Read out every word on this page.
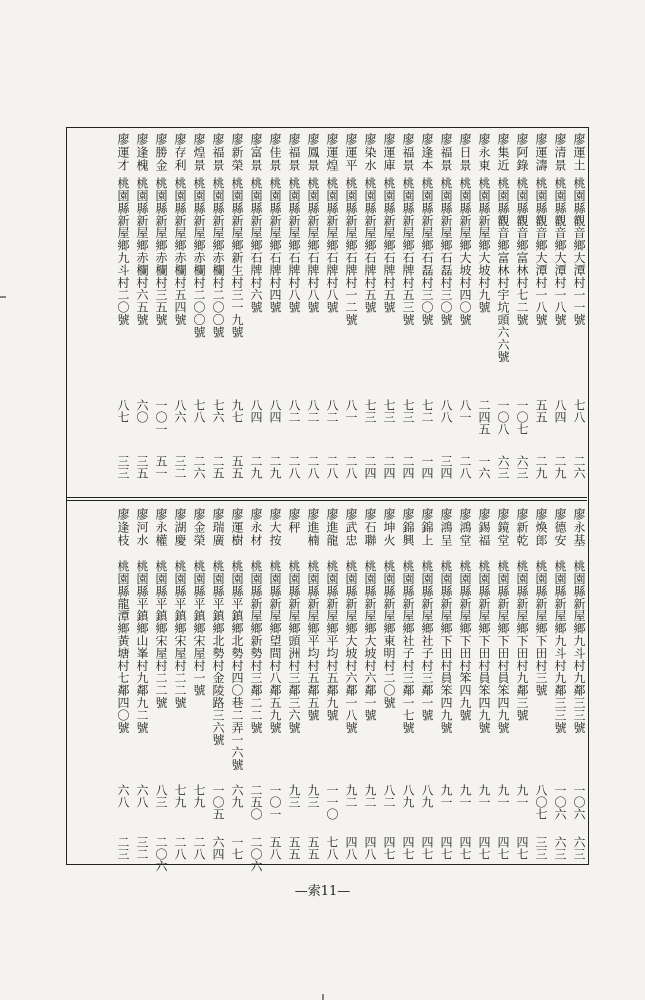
廖運土
桃園縣觀音鄉大潭村一一號
七八
二六
廖清景
桃園縣觀音鄉大潭村一八號
八四
二九
廖運濤
桃園縣觀音鄉大潭村一八號
五五
二九
廖阿錄
桃園縣觀音鄉富林村七二號
一〇七
六三
廖集近
桃園縣觀音鄉富林村宇坑頭六六號
一〇八
六三
廖永東
桃園縣新屋鄉大坡村九號
二四五
一六
廖日景
桃園縣新屋鄉大坡村四〇號
八一
二八
廖福景
桃園縣新屋鄉石磊村三〇號
八八
三四
廖逢本
桃園縣新屋鄉石磊村三〇號
七二
一四
廖福景
桃園縣新屋鄉石牌村五三號
七三
二四
廖運庫
桃園縣新屋鄉石牌村五號
七三
二四
廖染水
桃園縣新屋鄉石牌村五號
七三
二四
廖運平
桃園縣新屋鄉石牌村一二號
八一
二八
廖運煌
桃園縣新屋鄉石牌村八號
八二
二八
廖鳳景
桃園縣新屋鄉石牌村八號
八二
二八
廖福景
桃園縣新屋鄉石牌村八號
八二
二八
廖佳景
桃園縣新屋鄉石牌村四號
八四
二九
廖富景
桃園縣新屋鄉石牌村六號
八四
二九
廖新榮
桃園縣新屋鄉新生村三一九號
九七
五五
廖福景
桃園縣新屋鄉赤欄村二〇〇號
七六
二五
廖煌景
桃園縣新屋鄉赤欄村二〇〇號
七八
二六
廖存利
桃園縣新屋鄉赤欄村五四號
八六
三二
廖勝金
桃園縣新屋鄉赤欄村三五號
一〇一
五一
廖逢槐
桃園縣新屋鄉赤欄村六五號
六〇
三五
廖運才
桃園縣新屋鄉九斗村二〇號
八七
三三
廖永基
桃園縣新屋鄉九斗村九鄰三三號
一〇六
六三
廖德安
桃園縣新屋鄉九斗村九鄰三三號
一〇六
六三
廖煥郎
桃園縣新屋鄉下田村三號
八〇七
三三
廖新乾
桃園縣新屋鄉下田村九鄰三號
九一
四七
廖鏡堂
桃園縣新屋鄉下田村員笨四九號
九一
四七
廖錫福
桃園縣新屋鄉下田村員笨四九號
九一
四七
廖鴻堂
桃園縣新屋鄉下田村笨四九號
九一
四七
廖鴻呈
桃園縣新屋鄉下田村員笨四九號
九一
四七
廖錦上
桃園縣新屋鄉社子村三鄰一號
八九
四七
廖錦興
桃園縣新屋鄉社子村三鄰一七號
八九
四七
廖坤火
桃園縣新屋鄉東明村二〇號
八二
四七
廖石聯
桃園縣新屋鄉大坡村六鄰一號
九二
四八
廖武忠
桃園縣新屋鄉大坡村六鄰一八號
九二
四八
廖進龍
桃園縣新屋鄉平均村五鄰九號
一一〇
七八
廖進楠
桃園縣新屋鄉平均村五鄰五號
九三
五五
廖秤
桃園縣新屋鄉頭洲村三鄰三六號
九三
五五
廖大按
桃園縣新屋鄉望間村八鄰五九號
一〇一
五八
廖永材
桃園縣新屋鄉新勢村三鄰二二號
二五〇
二〇六
廖運樹
桃園縣平鎮鄉北勢村四〇巷二弄一六號
六九
一七
廖瑞廣
桃園縣平鎮鄉北勢村金陵路三六號
一〇五
六四
廖金榮
桃園縣平鎮鄉宋屋村一號
七九
二八
廖湖慶
桃園縣平鎮鄉宋屋村二二號
七九
二八
廖永權
桃園縣平鎮鄉宋屋村二二號
八三
二〇六
廖河水
桃園縣平鎮鄉山峯村九鄰九二號
六八
三二
廖逢枝
桃園縣龍潭鄉黃塘村七鄰四〇號
六八
二三
—索11—
